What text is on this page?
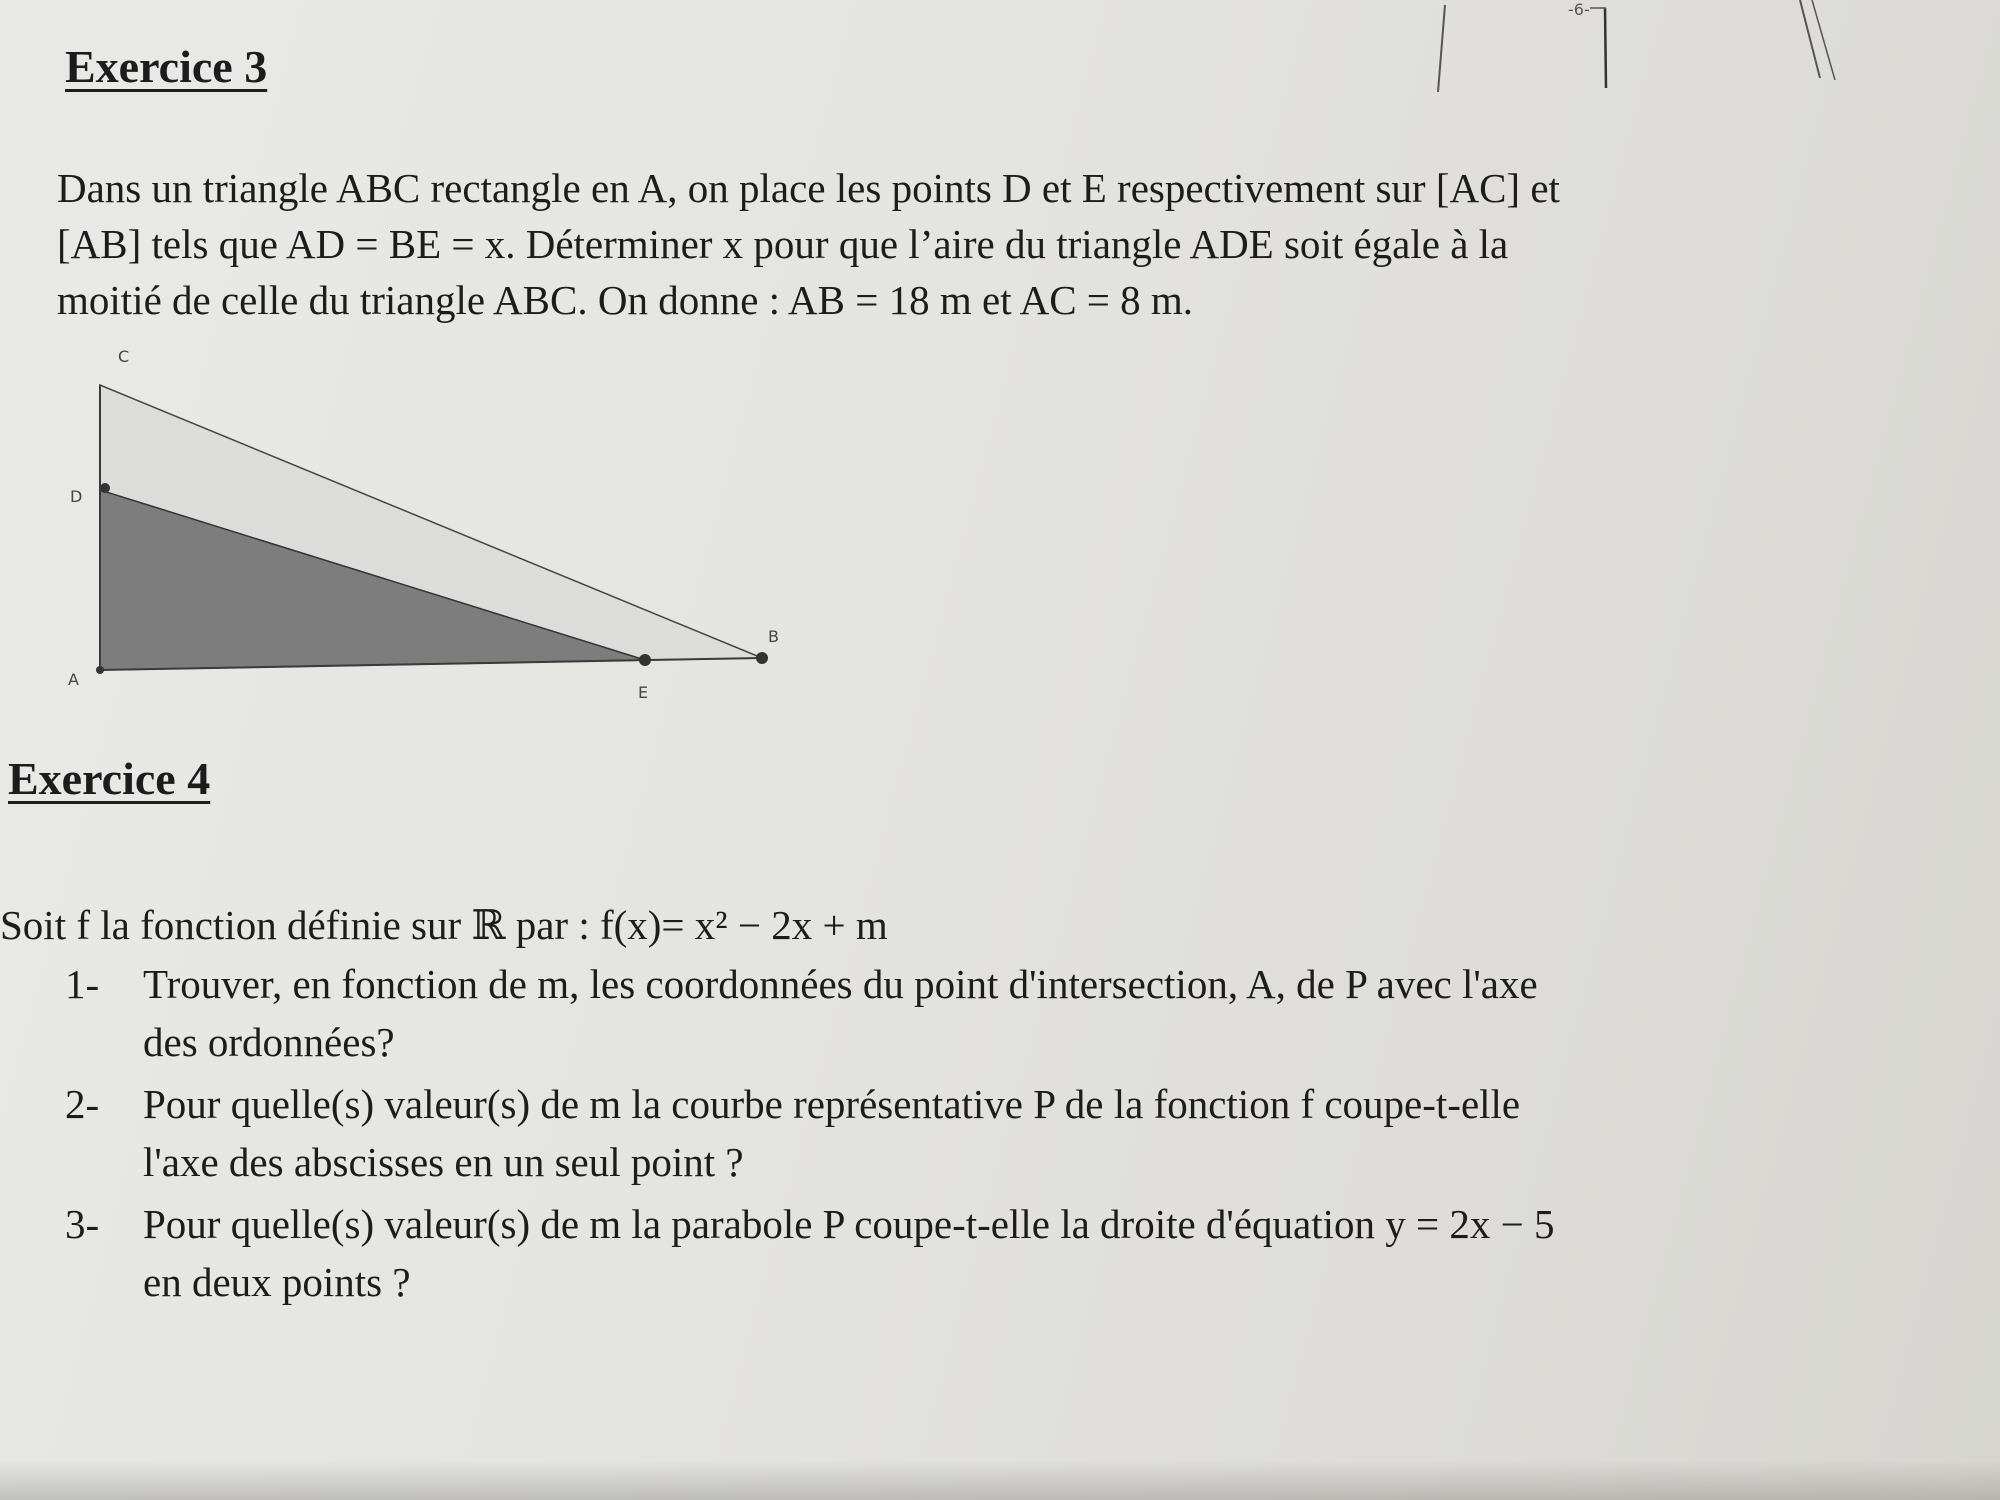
-6-
Exercice 3
Dans un triangle ABC rectangle en A, on place les points D et E respectivement sur [AC] et
[AB] tels que AD = BE = x. Déterminer x pour que l’aire du triangle ADE soit égale à la
moitié de celle du triangle ABC. On donne : AB = 18 m et AC = 8 m.
C
D
A
E
B
Exercice 4
Soit f la fonction définie sur ℝ par : f(x)= x² − 2x + m
1- Trouver, en fonction de m, les coordonnées du point d'intersection, A, de P avec l'axe
des ordonnées?
2- Pour quelle(s) valeur(s) de m la courbe représentative P de la fonction f coupe-t-elle
l'axe des abscisses en un seul point ?
3- Pour quelle(s) valeur(s) de m la parabole P coupe-t-elle la droite d'équation y = 2x − 5
en deux points ?
